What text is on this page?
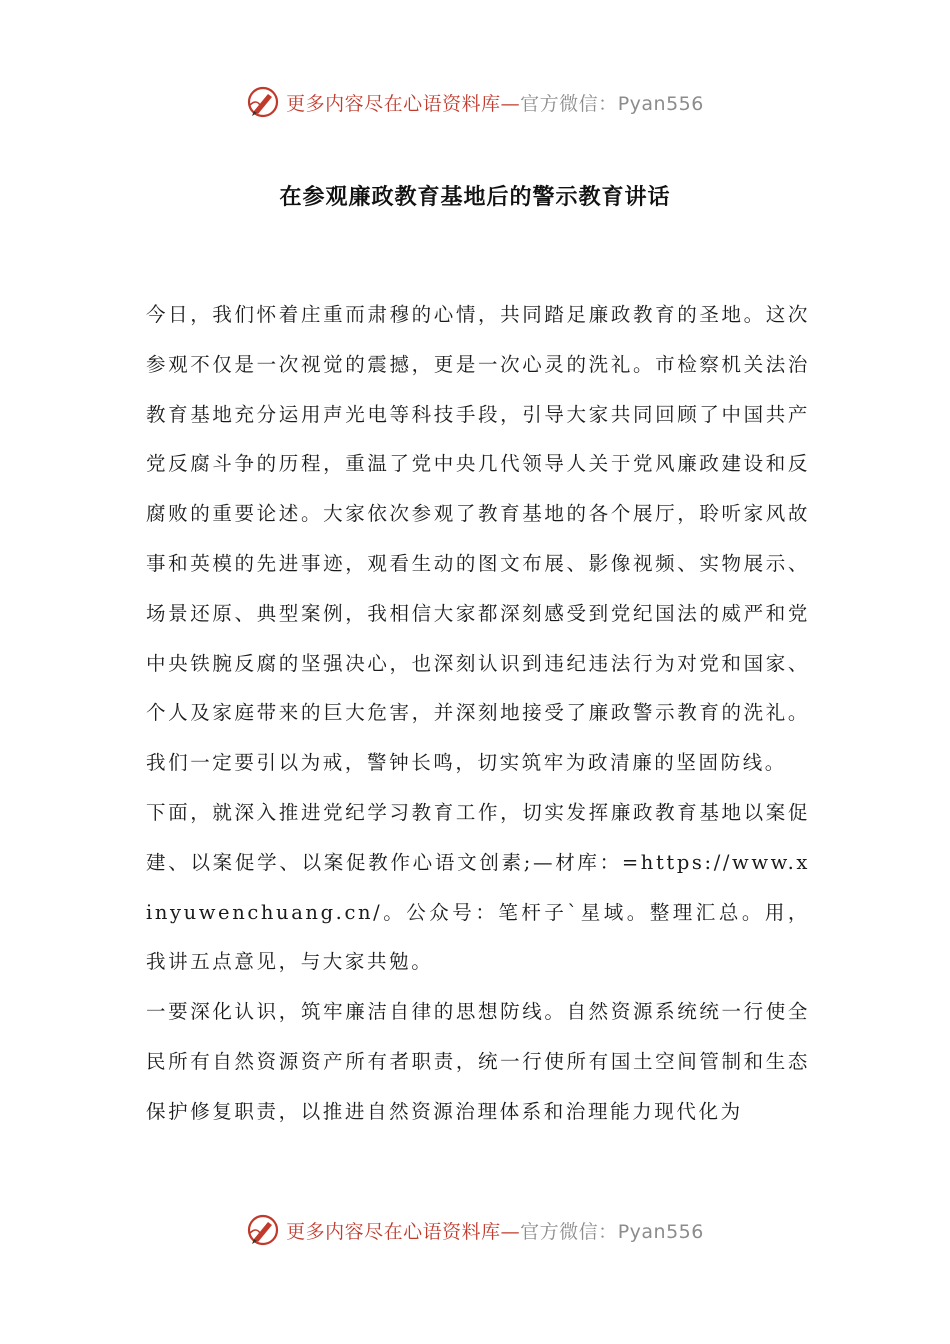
更多内容尽在心语资料库—官方微信：Pyan556
在参观廉政教育基地后的警示教育讲话

今日，我们怀着庄重而肃穆的心情，共同踏足廉政教育的圣地。这次参观不仅是一次视觉的震撼，更是一次心灵的洗礼。市检察机关法治教育基地充分运用声光电等科技手段，引导大家共同回顾了中国共产党反腐斗争的历程，重温了党中央几代领导人关于党风廉政建设和反腐败的重要论述。大家依次参观了教育基地的各个展厅，聆听家风故事和英模的先进事迹，观看生动的图文布展、影像视频、实物展示、场景还原、典型案例，我相信大家都深刻感受到党纪国法的威严和党中央铁腕反腐的坚强决心，也深刻认识到违纪违法行为对党和国家、个人及家庭带来的巨大危害，并深刻地接受了廉政警示教育的洗礼。我们一定要引以为戒，警钟长鸣，切实筑牢为政清廉的坚固防线。

下面，就深入推进党纪学习教育工作，切实发挥廉政教育基地以案促建、以案促学、以案促教作心语文创素;—材库：=https://www.xinyuwenchuang.cn/。公众号：笔杆子`星域。整理汇总。用，我讲五点意见，与大家共勉。

一要深化认识，筑牢廉洁自律的思想防线。自然资源系统统一行使全民所有自然资源资产所有者职责，统一行使所有国土空间管制和生态保护修复职责，以推进自然资源治理体系和治理能力现代化为

更多内容尽在心语资料库—官方微信：Pyan556
